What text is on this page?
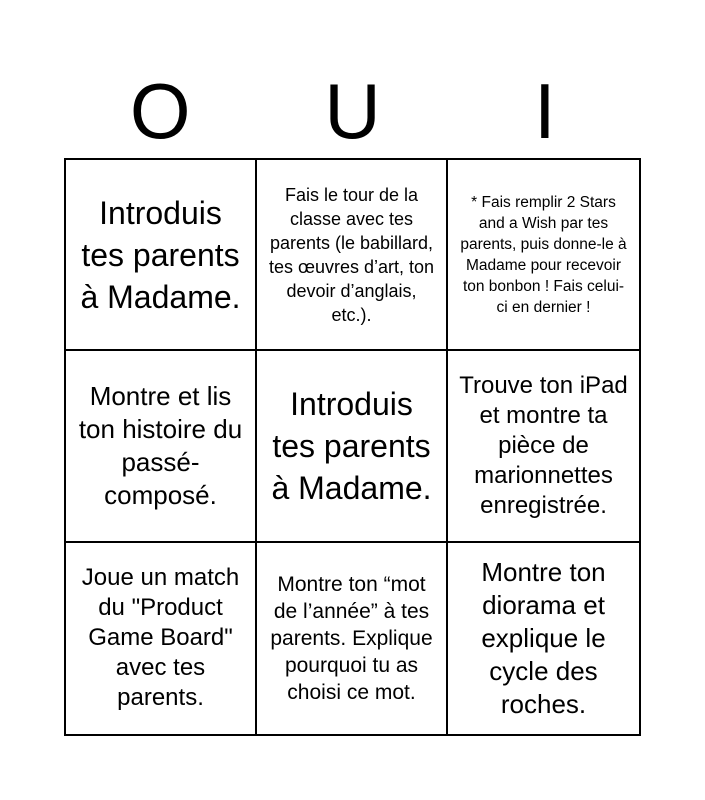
O	U	I
Introduis tes parents à Madame.
Fais le tour de la classe avec tes parents (le babillard, tes œuvres d’art, ton devoir d’anglais, etc.).
* Fais remplir 2 Stars and a Wish par tes parents, puis donne-le à Madame pour recevoir ton bonbon ! Fais celui-ci en dernier !
Montre et lis ton histoire du passé-composé.
Introduis tes parents à Madame.
Trouve ton iPad et montre ta pièce de marionnettes enregistrée.
Joue un match du "Product Game Board" avec tes parents.
Montre ton “mot de l’année” à tes parents. Explique pourquoi tu as choisi ce mot.
Montre ton diorama et explique le cycle des roches.
